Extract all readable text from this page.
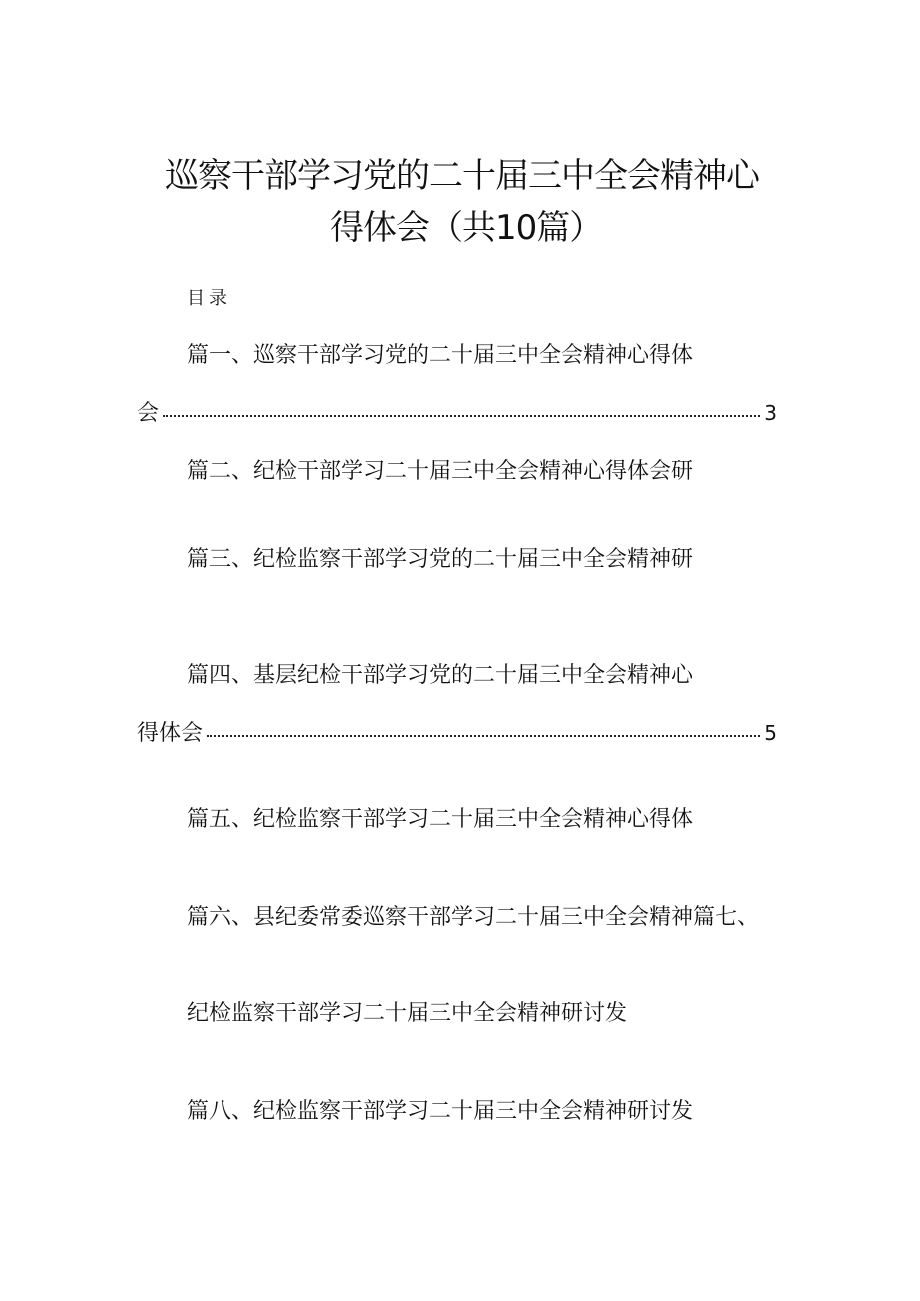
巡察干部学习党的二十届三中全会精神心
得体会（共10篇）
目录
篇一、巡察干部学习党的二十届三中全会精神心得体
会	3
篇二、纪检干部学习二十届三中全会精神心得体会研
篇三、纪检监察干部学习党的二十届三中全会精神研
篇四、基层纪检干部学习党的二十届三中全会精神心
得体会	5
篇五、纪检监察干部学习二十届三中全会精神心得体
篇六、县纪委常委巡察干部学习二十届三中全会精神篇七、
纪检监察干部学习二十届三中全会精神研讨发
篇八、纪检监察干部学习二十届三中全会精神研讨发
